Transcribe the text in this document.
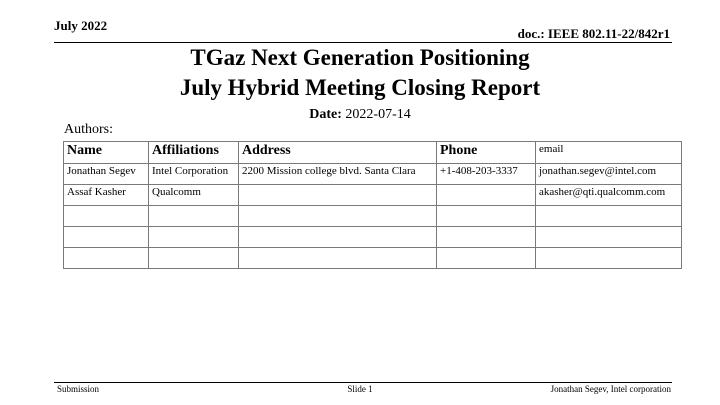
July 2022
doc.: IEEE 802.11-22/842r1
TGaz Next Generation Positioning
July Hybrid Meeting Closing Report
Date: 2022-07-14
Authors:
Name	Affiliations	Address	Phone	email
Jonathan Segev	Intel Corporation	2200 Mission college blvd. Santa Clara	+1-408-203-3337	jonathan.segev@intel.com
Assaf Kasher	Qualcomm			akasher@qti.qualcomm.com

Submission	Slide 1	Jonathan Segev, Intel corporation
